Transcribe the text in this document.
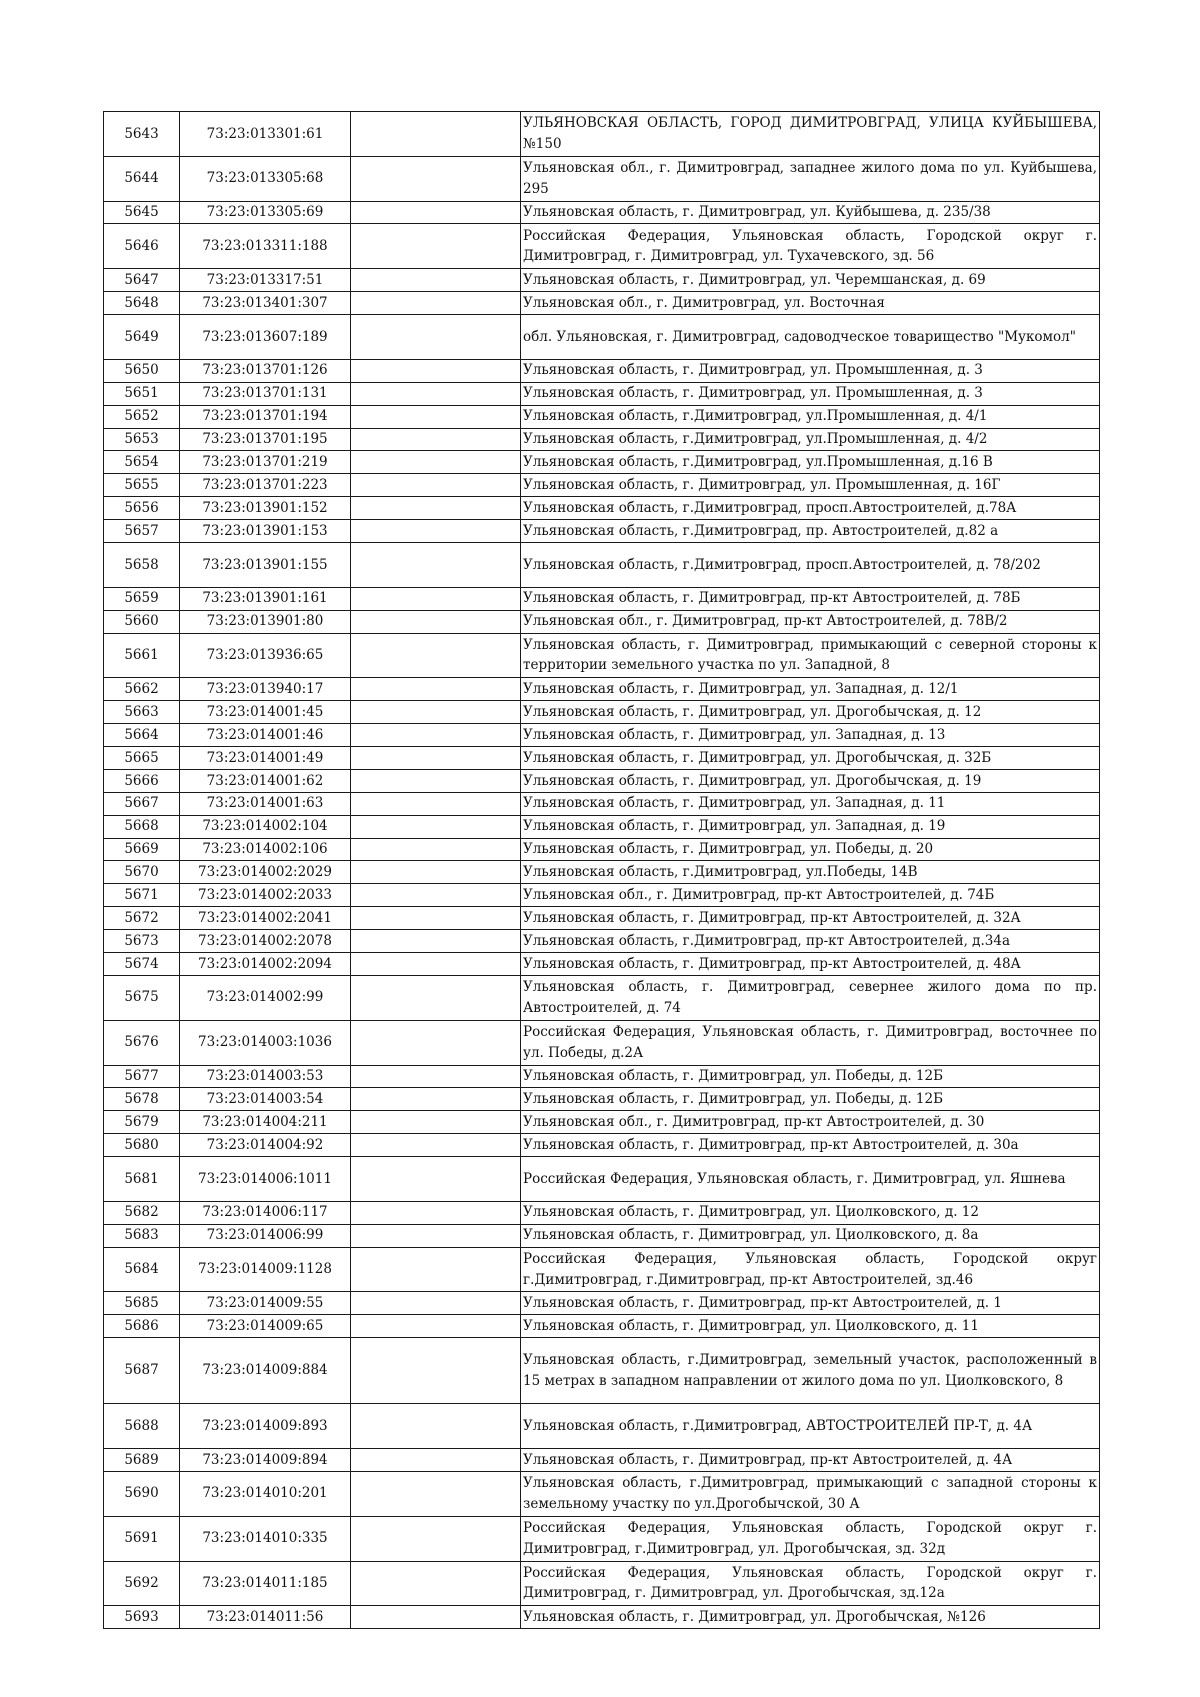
5643	73:23:013301:61		УЛЬЯНОВСКАЯ ОБЛАСТЬ, ГОРОД ДИМИТРОВГРАД, УЛИЦА КУЙБЫШЕВА, №150
5644	73:23:013305:68		Ульяновская обл., г. Димитровград, западнее жилого дома по ул. Куйбышева, 295
5645	73:23:013305:69		Ульяновская область, г. Димитровград, ул. Куйбышева, д. 235/38
5646	73:23:013311:188		Российская Федерация, Ульяновская область, Городской округ г. Димитровград, г. Димитровград, ул. Тухачевского, зд. 56
5647	73:23:013317:51		Ульяновская область, г. Димитровград, ул. Черемшанская, д. 69
5648	73:23:013401:307		Ульяновская обл., г. Димитровград, ул. Восточная
5649	73:23:013607:189		обл. Ульяновская, г. Димитровград, садоводческое товарищество "Мукомол"
5650	73:23:013701:126		Ульяновская область, г. Димитровград, ул. Промышленная, д. 3
5651	73:23:013701:131		Ульяновская область, г. Димитровград, ул. Промышленная, д. 3
5652	73:23:013701:194		Ульяновская область, г.Димитровград, ул.Промышленная, д. 4/1
5653	73:23:013701:195		Ульяновская область, г.Димитровград, ул.Промышленная, д. 4/2
5654	73:23:013701:219		Ульяновская область, г.Димитровград, ул.Промышленная, д.16 В
5655	73:23:013701:223		Ульяновская область, г. Димитровград, ул. Промышленная, д. 16Г
5656	73:23:013901:152		Ульяновская область, г.Димитровград, просп.Автостроителей, д.78А
5657	73:23:013901:153		Ульяновская область, г.Димитровград, пр. Автостроителей, д.82 а
5658	73:23:013901:155		Ульяновская область, г.Димитровград, просп.Автостроителей, д. 78/202
5659	73:23:013901:161		Ульяновская область, г. Димитровград, пр-кт Автостроителей, д. 78Б
5660	73:23:013901:80		Ульяновская обл., г. Димитровград, пр-кт Автостроителей, д. 78В/2
5661	73:23:013936:65		Ульяновская область, г. Димитровград, примыкающий с северной стороны к территории земельного участка по ул. Западной, 8
5662	73:23:013940:17		Ульяновская область, г. Димитровград, ул. Западная, д. 12/1
5663	73:23:014001:45		Ульяновская область, г. Димитровград, ул. Дрогобычская, д. 12
5664	73:23:014001:46		Ульяновская область, г. Димитровград, ул. Западная, д. 13
5665	73:23:014001:49		Ульяновская область, г. Димитровград, ул. Дрогобычская, д. 32Б
5666	73:23:014001:62		Ульяновская область, г. Димитровград, ул. Дрогобычская, д. 19
5667	73:23:014001:63		Ульяновская область, г. Димитровград, ул. Западная, д. 11
5668	73:23:014002:104		Ульяновская область, г. Димитровград, ул. Западная, д. 19
5669	73:23:014002:106		Ульяновская область, г. Димитровград, ул. Победы, д. 20
5670	73:23:014002:2029		Ульяновская область, г.Димитровград, ул.Победы, 14В
5671	73:23:014002:2033		Ульяновская обл., г. Димитровград, пр-кт Автостроителей, д. 74Б
5672	73:23:014002:2041		Ульяновская область, г. Димитровград, пр-кт Автостроителей, д. 32А
5673	73:23:014002:2078		Ульяновская область, г.Димитровград, пр-кт Автостроителей, д.34а
5674	73:23:014002:2094		Ульяновская область, г. Димитровград, пр-кт Автостроителей, д. 48А
5675	73:23:014002:99		Ульяновская область, г. Димитровград, севернее жилого дома по пр. Автостроителей, д. 74
5676	73:23:014003:1036		Российская Федерация, Ульяновская область, г. Димитровград, восточнее по ул. Победы, д.2А
5677	73:23:014003:53		Ульяновская область, г. Димитровград, ул. Победы, д. 12Б
5678	73:23:014003:54		Ульяновская область, г. Димитровград, ул. Победы, д. 12Б
5679	73:23:014004:211		Ульяновская обл., г. Димитровград, пр-кт Автостроителей, д. 30
5680	73:23:014004:92		Ульяновская область, г. Димитровград, пр-кт Автостроителей, д. 30а
5681	73:23:014006:1011		Российская Федерация, Ульяновская область, г. Димитровград, ул. Яшнева
5682	73:23:014006:117		Ульяновская область, г. Димитровград, ул. Циолковского, д. 12
5683	73:23:014006:99		Ульяновская область, г. Димитровград, ул. Циолковского, д. 8а
5684	73:23:014009:1128		Российская Федерация, Ульяновская область, Городской округ г.Димитровград, г.Димитровград, пр-кт Автостроителей, зд.46
5685	73:23:014009:55		Ульяновская область, г. Димитровград, пр-кт Автостроителей, д. 1
5686	73:23:014009:65		Ульяновская область, г. Димитровград, ул. Циолковского, д. 11
5687	73:23:014009:884		Ульяновская область, г.Димитровград, земельный участок, расположенный в 15 метрах в западном направлении от жилого дома по ул. Циолковского, 8
5688	73:23:014009:893		Ульяновская область, г.Димитровград, АВТОСТРОИТЕЛЕЙ ПР-Т, д. 4А
5689	73:23:014009:894		Ульяновская область, г. Димитровград, пр-кт Автостроителей, д. 4А
5690	73:23:014010:201		Ульяновская область, г.Димитровград, примыкающий с западной стороны к земельному участку по ул.Дрогобычской, 30 А
5691	73:23:014010:335		Российская Федерация, Ульяновская область, Городской округ г. Димитровград, г.Димитровград, ул. Дрогобычская, зд. 32д
5692	73:23:014011:185		Российская Федерация, Ульяновская область, Городской округ г. Димитровград, г. Димитровград, ул. Дрогобычская, зд.12а
5693	73:23:014011:56		Ульяновская область, г. Димитровград, ул. Дрогобычская, №126
